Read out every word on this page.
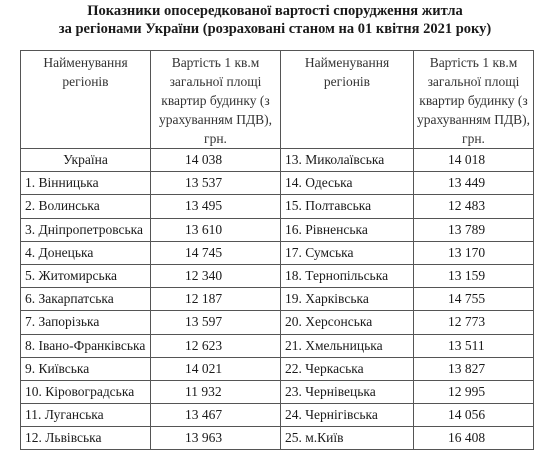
Показники опосередкованої вартості спорудження житла
за регіонами України (розраховані станом на 01 квітня 2021 року)
Найменування регіонів	Вартість 1 кв.м загальної площі квартир будинку (з урахуванням ПДВ), грн.	Найменування регіонів	Вартість 1 кв.м загальної площі квартир будинку (з урахуванням ПДВ), грн.
Україна	14 038	13. Миколаївська	14 018
1. Вінницька	13 537	14. Одеська	13 449
2. Волинська	13 495	15. Полтавська	12 483
3. Дніпропетровська	13 610	16. Рівненська	13 789
4. Донецька	14 745	17. Сумська	13 170
5. Житомирська	12 340	18. Тернопільська	13 159
6. Закарпатська	12 187	19. Харківська	14 755
7. Запорізька	13 597	20. Херсонська	12 773
8. Івано-Франківська	12 623	21. Хмельницька	13 511
9. Київська	14 021	22. Черкаська	13 827
10. Кіровоградська	11 932	23. Чернівецька	12 995
11. Луганська	13 467	24. Чернігівська	14 056
12. Львівська	13 963	25. м.Київ	16 408
